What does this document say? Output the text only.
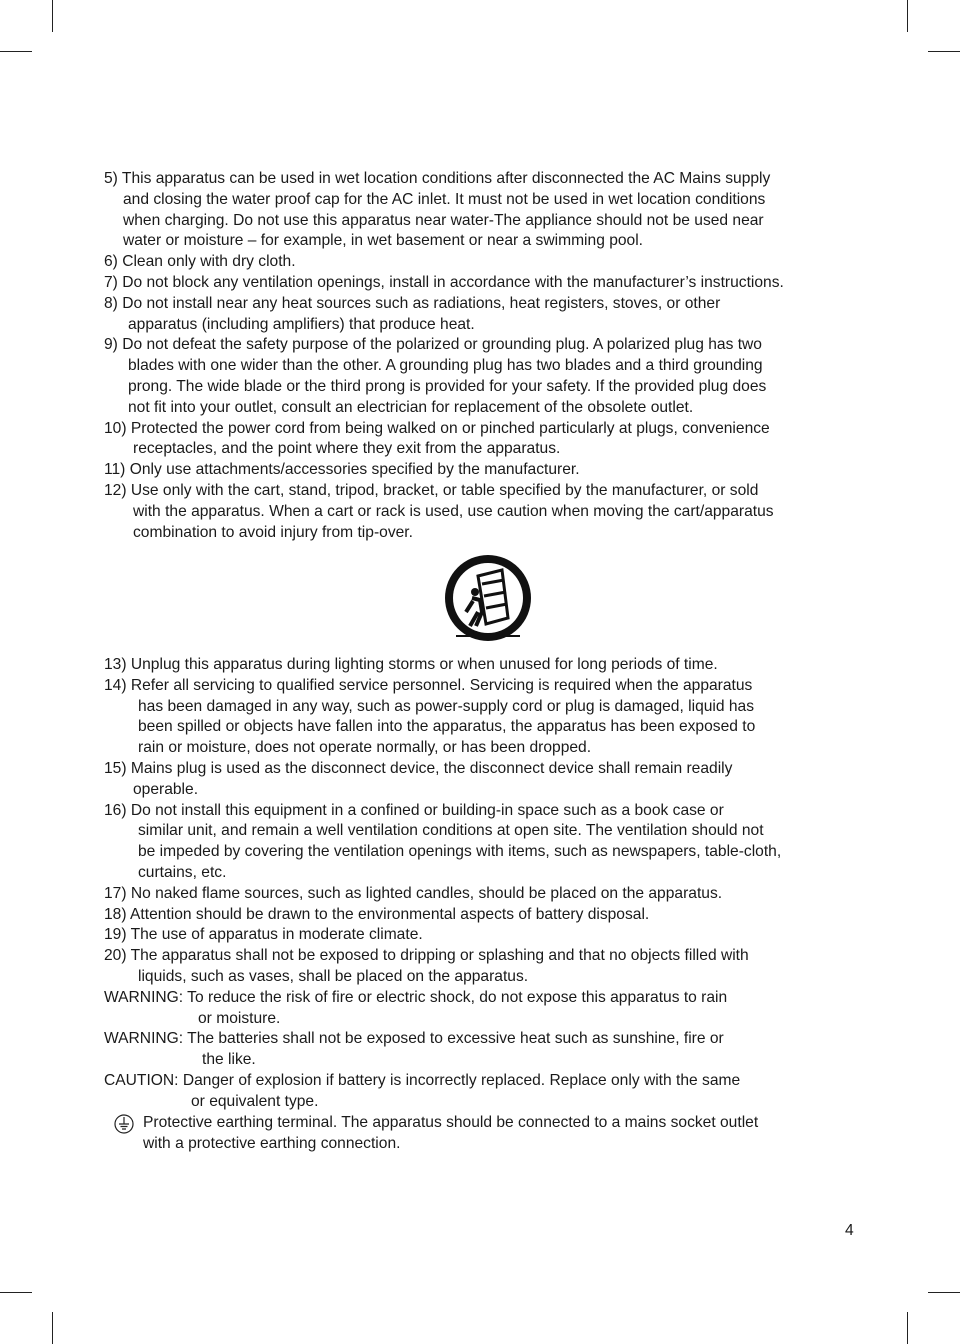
5) This apparatus can be used in wet location conditions after disconnected the AC Mains supply
and closing the water proof cap for the AC inlet. It must not be used in wet location conditions
when charging. Do not use this apparatus near water-The appliance should not be used near
water or moisture – for example, in wet basement or near a swimming pool.
6) Clean only with dry cloth.
7) Do not block any ventilation openings, install in accordance with the manufacturer’s instructions.
8) Do not install near any heat sources such as radiations, heat registers, stoves, or other
apparatus (including amplifiers) that produce heat.
9) Do not defeat the safety purpose of the polarized or grounding plug. A polarized plug has two
blades with one wider than the other. A grounding plug has two blades and a third grounding
prong. The wide blade or the third prong is provided for your safety. If the provided plug does
not fit into your outlet, consult an electrician for replacement of the obsolete outlet.
10) Protected the power cord from being walked on or pinched particularly at plugs, convenience
receptacles, and the point where they exit from the apparatus.
11) Only use attachments/accessories specified by the manufacturer.
12) Use only with the cart, stand, tripod, bracket, or table specified by the manufacturer, or sold
with the apparatus. When a cart or rack is used, use caution when moving the cart/apparatus
combination to avoid injury from tip-over.
13) Unplug this apparatus during lighting storms or when unused for long periods of time.
14) Refer all servicing to qualified service personnel. Servicing is required when the apparatus
has been damaged in any way, such as power-supply cord or plug is damaged, liquid has
been spilled or objects have fallen into the apparatus, the apparatus has been exposed to
rain or moisture, does not operate normally, or has been dropped.
15) Mains plug is used as the disconnect device, the disconnect device shall remain readily
operable.
16) Do not install this equipment in a confined or building-in space such as a book case or
similar unit, and remain a well ventilation conditions at open site. The ventilation should not
be impeded by covering the ventilation openings with items, such as newspapers, table-cloth,
curtains, etc.
17) No naked flame sources, such as lighted candles, should be placed on the apparatus.
18) Attention should be drawn to the environmental aspects of battery disposal.
19) The use of apparatus in moderate climate.
20) The apparatus shall not be exposed to dripping or splashing and that no objects filled with
liquids, such as vases, shall be placed on the apparatus.
WARNING: To reduce the risk of fire or electric shock, do not expose this apparatus to rain
or moisture.
WARNING: The batteries shall not be exposed to excessive heat such as sunshine, fire or
the like.
CAUTION: Danger of explosion if battery is incorrectly replaced. Replace only with the same
or equivalent type.
Protective earthing terminal. The apparatus should be connected to a mains socket outlet
with a protective earthing connection.
4
